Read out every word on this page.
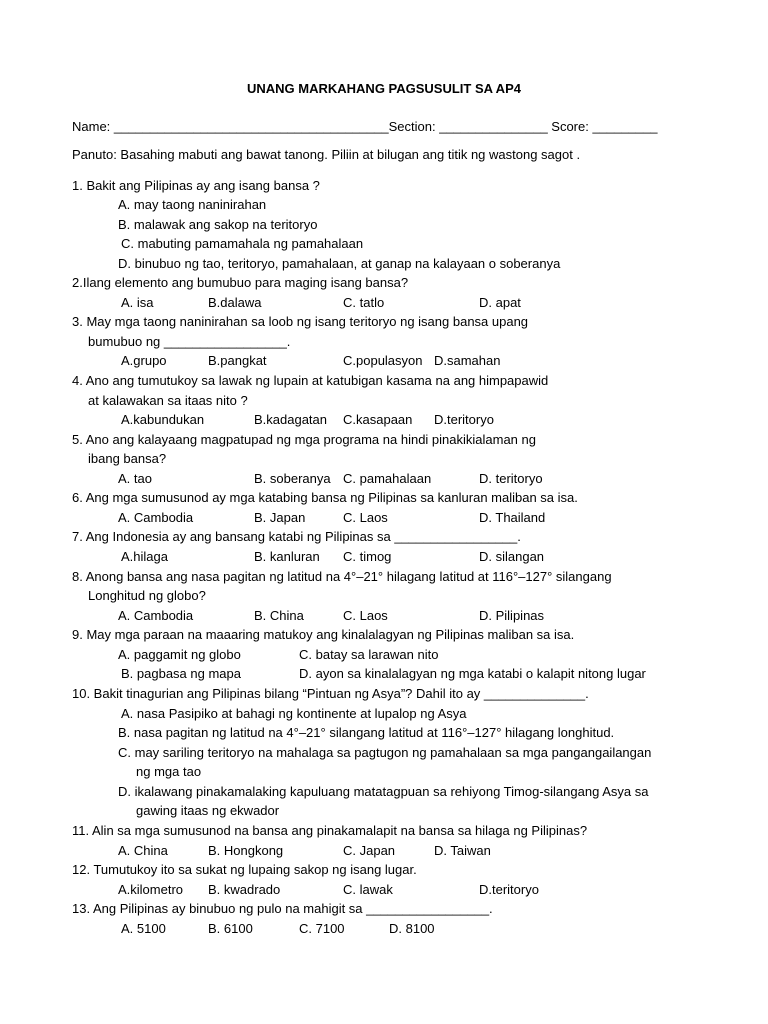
UNANG MARKAHANG PAGSUSULIT SA AP4
Name: ______________________________________Section: _______________ Score: _________
Panuto: Basahing mabuti ang bawat tanong. Piliin at bilugan ang titik ng wastong sagot .
1. Bakit ang Pilipinas ay ang isang bansa ?
A. may taong naninirahan
B. malawak ang sakop na teritoryo
C. mabuting pamamahala ng pamahalaan
D. binubuo ng tao, teritoryo, pamahalaan, at ganap na kalayaan o soberanya
2.Ilang elemento ang bumubuo para maging isang bansa?
A. isa	B.dalawa	C. tatlo	D. apat
3. May mga taong naninirahan sa loob ng isang teritoryo ng isang bansa upang
bumubuo ng _________________.
A.grupo	B.pangkat	C.populasyon D.samahan
4. Ano ang tumutukoy sa lawak ng lupain at katubigan kasama na ang himpapawid
at kalawakan sa itaas nito ?
A.kabundukan	B.kadagatan C.kasapaan D.teritoryo
5. Ano ang kalayaang magpatupad ng mga programa na hindi pinakikialaman ng
ibang bansa?
A. tao	B. soberanya C. pamahalaan	D. teritoryo
6. Ang mga sumusunod ay mga katabing bansa ng Pilipinas sa kanluran maliban sa isa.
A. Cambodia	B. Japan	C. Laos	D. Thailand
7. Ang Indonesia ay ang bansang katabi ng Pilipinas sa _________________.
A.hilaga	B. kanluran C. timog	D. silangan
8. Anong bansa ang nasa pagitan ng latitud na 4°–21° hilagang latitud at 116°–127° silangang
Longhitud ng globo?
A. Cambodia	B. China	C. Laos	D. Pilipinas
9. May mga paraan na maaaring matukoy ang kinalalagyan ng Pilipinas maliban sa isa.
A. paggamit ng globo	C. batay sa larawan nito
B. pagbasa ng mapa	D. ayon sa kinalalagyan ng mga katabi o kalapit nitong lugar
10. Bakit tinagurian ang Pilipinas bilang “Pintuan ng Asya”? Dahil ito ay ______________.
A. nasa Pasipiko at bahagi ng kontinente at lupalop ng Asya
B. nasa pagitan ng latitud na 4°–21° silangang latitud at 116°–127° hilagang longhitud.
C. may sariling teritoryo na mahalaga sa pagtugon ng pamahalaan sa mga pangangailangan
ng mga tao
D. ikalawang pinakamalaking kapuluang matatagpuan sa rehiyong Timog-silangang Asya sa
gawing itaas ng ekwador
11. Alin sa mga sumusunod na bansa ang pinakamalapit na bansa sa hilaga ng Pilipinas?
A. China	B. Hongkong	C. Japan	D. Taiwan
12. Tumutukoy ito sa sukat ng lupaing sakop ng isang lugar.
A.kilometro B. kwadrado	C. lawak	D.teritoryo
13. Ang Pilipinas ay binubuo ng pulo na mahigit sa _________________.
A. 5100	B. 6100	C. 7100	D. 8100
